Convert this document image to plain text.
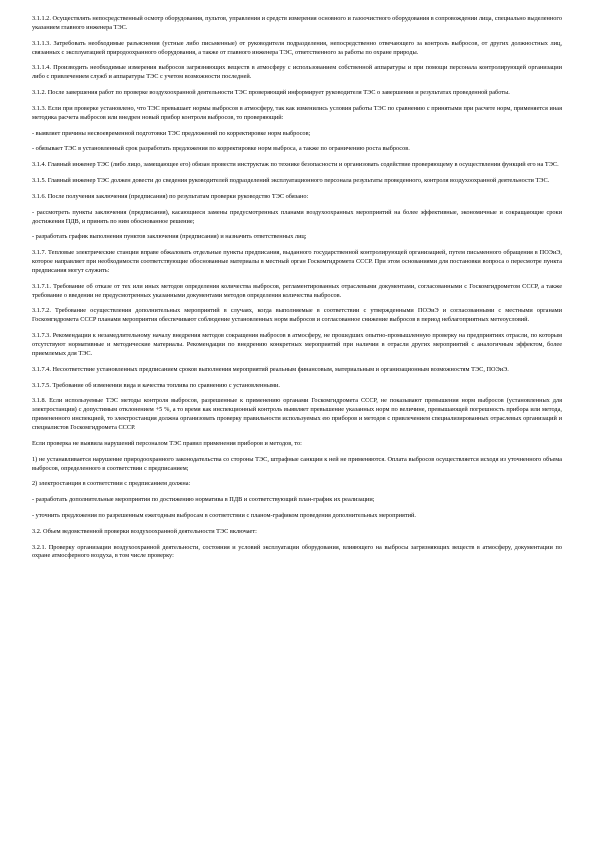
3.1.1.2. Осуществлять непосредственный осмотр оборудования, пультов, управления и средств измерения основного и газоочистного оборудования в сопровождении лица, специально выделенного указанием главного инженера ТЭС.

3.1.1.3. Затребовать необходимые разъяснения (устные либо письменные) от руководителя подразделения, непосредственно отвечающего за контроль выбросов, от других должностных лиц, связанных с эксплуатацией природоохранного оборудования, а также от главного инженера ТЭС, ответственного за работы по охране природы.

3.1.1.4. Производить необходимые измерения выбросов загрязняющих веществ в атмосферу с использованием собственной аппаратуры и при помощи персонала контролирующей организации либо с привлечением служб и аппаратуры ТЭС с учетом возможности последней.

3.1.2. После завершения работ по проверке воздухоохранной деятельности ТЭС проверяющий информирует руководителя ТЭС о завершении и результатах проведенной работы.

3.1.3. Если при проверке установлено, что ТЭС превышает нормы выбросов в атмосферу, так как изменились условия работы ТЭС по сравнению с принятыми при расчете норм, применяется иная методика расчета выбросов или внедрен новый прибор контроля выбросов, то проверяющий:

- выявляет причины несвоевременной подготовки ТЭС предложений по корректировке норм выбросов;

- обязывает ТЭС в установленный срок разработать предложения по корректировке норм выброса, а также по ограничению роста выбросов.

3.1.4. Главный инженер ТЭС (либо лицо, замещающее его) обязан провести инструктаж по технике безопасности и организовать содействие проверяющему в осуществлении функций его на ТЭС.

3.1.5. Главный инженер ТЭС должен довести до сведения руководителей подразделений эксплуатационного персонала результаты проведенного, контроля воздухоохранной деятельности ТЭС.

3.1.6. После получения заключения (предписания) по результатам проверки руководство ТЭС обязано:

- рассмотреть пункты заключения (предписания), касающиеся замены предусмотренных планами воздухоохранных мероприятий на более эффективные, экономичные и сокращающие сроки достижения ПДВ, и принять по ним обоснованное решение;

- разработать график выполнения пунктов заключения (предписания) и назначить ответственных лиц;

3.1.7. Тепловые электрические станции вправе обжаловать отдельные пункты предписания, выданного государственной контролирующей организацией, путем письменного обращения в ПОЭиЭ, которое направляет при необходимости соответствующие обоснованные материалы в местный орган Госкомгидромета СССР. При этом основаниями для постановки вопроса о пересмотре пункта предписания могут служить:

3.1.7.1. Требование об отказе от тех или иных методов определения количества выбросов, регламентированных отраслевыми документами, согласованными с Госкомгидрометом СССР, а также требование о введении не предусмотренных указанными документами методов определения количества выбросов.

3.1.7.2. Требование осуществления дополнительных мероприятий в случаях, когда выполняемые в соответствии с утвержденными ПОЭиЭ и согласованными с местными органами Госкомгидромета СССР планами мероприятия обеспечивают соблюдение установленных норм выбросов и согласованное снижение выбросов в период неблагоприятных метеоусловий.

3.1.7.3. Рекомендации к незамедлительному началу внедрения методов сокращения выбросов в атмосферу, не прошедших опытно-промышленную проверку на предприятиях отрасли, по которым отсутствуют нормативные и методические материалы. Рекомендации по внедрению конкретных мероприятий при наличии в отрасли других мероприятий с аналогичным эффектом, более приемлемых для ТЭС.

3.1.7.4. Несоответствие установленных предписанием сроков выполнения мероприятий реальным финансовым, материальным и организационным возможностям ТЭС, ПОЭиЭ.

3.1.7.5. Требование об изменении вида и качества топлива по сравнению с установленными.

3.1.8. Если используемые ТЭС методы контроля выбросов, разрешенные к применению органами Госкомгидромета СССР, не показывают превышения норм выбросов (установленных для электростанции) с допустимым отклонением +5 %, а то время как инспекционный контроль выявляет превышение указанных норм по величине, превышающей погрешность прибора или метода, примененного инспекцией, то электростанция должна организовать проверку правильности используемых ею приборов и методов с привлечением специализированных отраслевых организаций и специалистов Госкомгидромета СССР.

Если проверка не выявила нарушений персоналом ТЭС правил применения приборов и методов, то:

1) не устанавливается нарушение природоохранного законодательства со стороны ТЭС, штрафные санкции к ней не применяются. Оплата выбросов осуществляется исходя из уточненного объема выбросов, определенного в соответствии с предписанием;

2) электростанция в соответствии с предписанием должна:

- разработать дополнительные мероприятия по достижению норматива в ПДВ и соответствующий план-график их реализации;

- уточнить предложения по разрешенным ежегодным выбросам в соответствии с планом-графиком проведения дополнительных мероприятий.

3.2. Объем ведомственной проверки воздухоохранной деятельности ТЭС включает:

3.2.1. Проверку организации воздухоохранной деятельности, состояния и условий эксплуатации оборудования, влияющего на выбросы загрязняющих веществ в атмосферу, документации по охране атмосферного воздуха, в том числе проверку:
